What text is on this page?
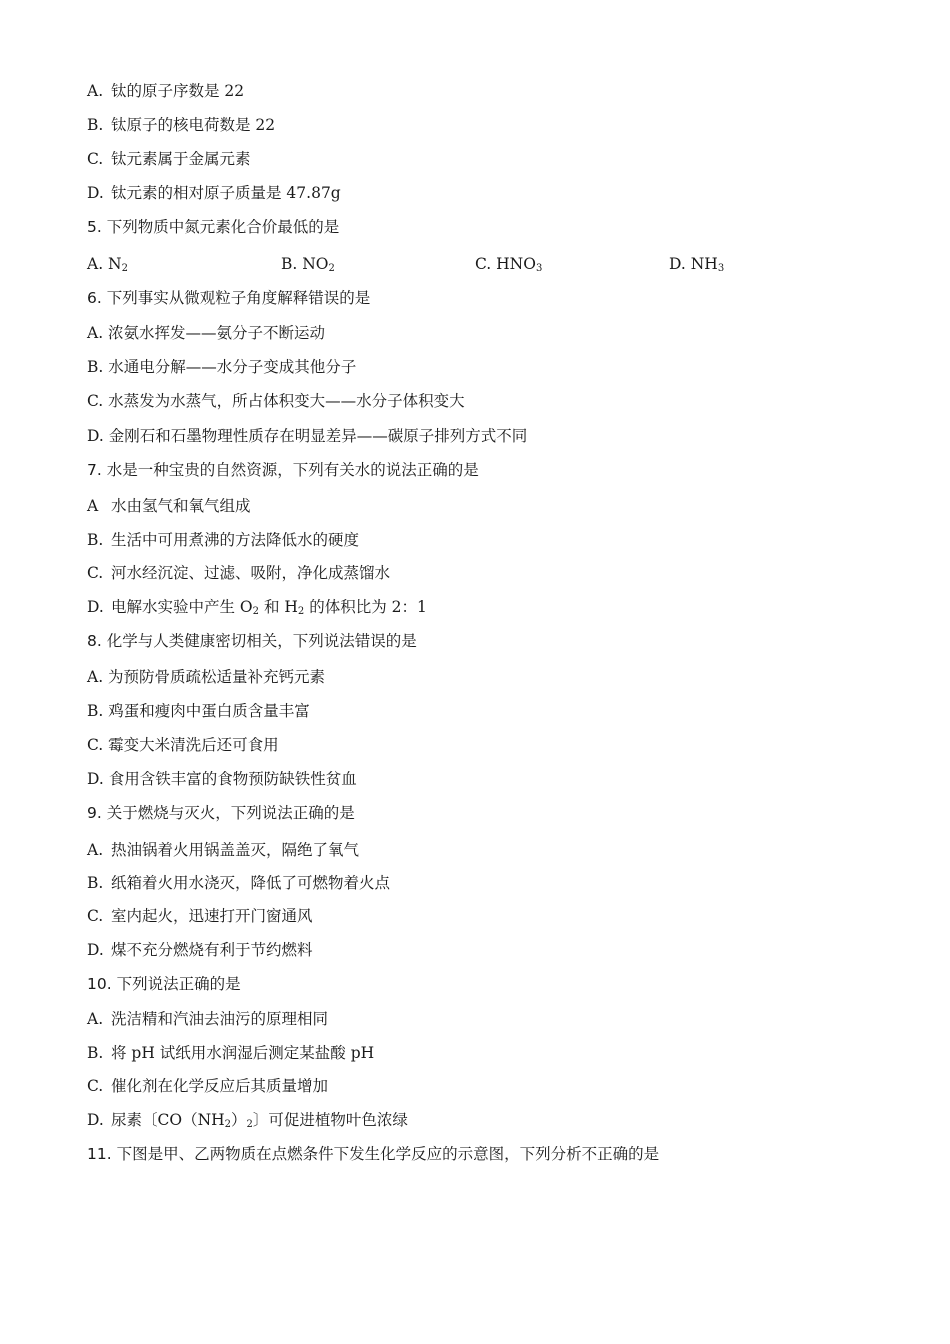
A. 钛的原子序数是 22
B. 钛原子的核电荷数是 22
C. 钛元素属于金属元素
D. 钛元素的相对原子质量是 47.87g
5. 下列物质中氮元素化合价最低的是
A. $N_2$	B. $NO_2$	C. $HNO_3$	D. $NH_3$
6. 下列事实从微观粒子角度解释错误的是
A. 浓氨水挥发——氨分子不断运动
B. 水通电分解——水分子变成其他分子
C. 水蒸发为水蒸气，所占体积变大——水分子体积变大
D. 金刚石和石墨物理性质存在明显差异——碳原子排列方式不同
7. 水是一种宝贵的自然资源，下列有关水的说法正确的是
A 水由氢气和氧气组成
B. 生活中可用煮沸的方法降低水的硬度
C. 河水经沉淀、过滤、吸附，净化成蒸馏水
D. 电解水实验中产生 $O_2$ 和 $H_2$ 的体积比为 2：1
8. 化学与人类健康密切相关，下列说法错误的是
A. 为预防骨质疏松适量补充钙元素
B. 鸡蛋和瘦肉中蛋白质含量丰富
C. 霉变大米清洗后还可食用
D. 食用含铁丰富的食物预防缺铁性贫血
9. 关于燃烧与灭火，下列说法正确的是
A. 热油锅着火用锅盖盖灭，隔绝了氧气
B. 纸箱着火用水浇灭，降低了可燃物着火点
C. 室内起火，迅速打开门窗通风
D. 煤不充分燃烧有利于节约燃料
10. 下列说法正确的是
A. 洗洁精和汽油去油污的原理相同
B. 将 pH 试纸用水润湿后测定某盐酸 pH
C. 催化剂在化学反应后其质量增加
D. 尿素〔$CO(NH_2)_2$〕可促进植物叶色浓绿
11. 下图是甲、乙两物质在点燃条件下发生化学反应的示意图，下列分析不正确的是
